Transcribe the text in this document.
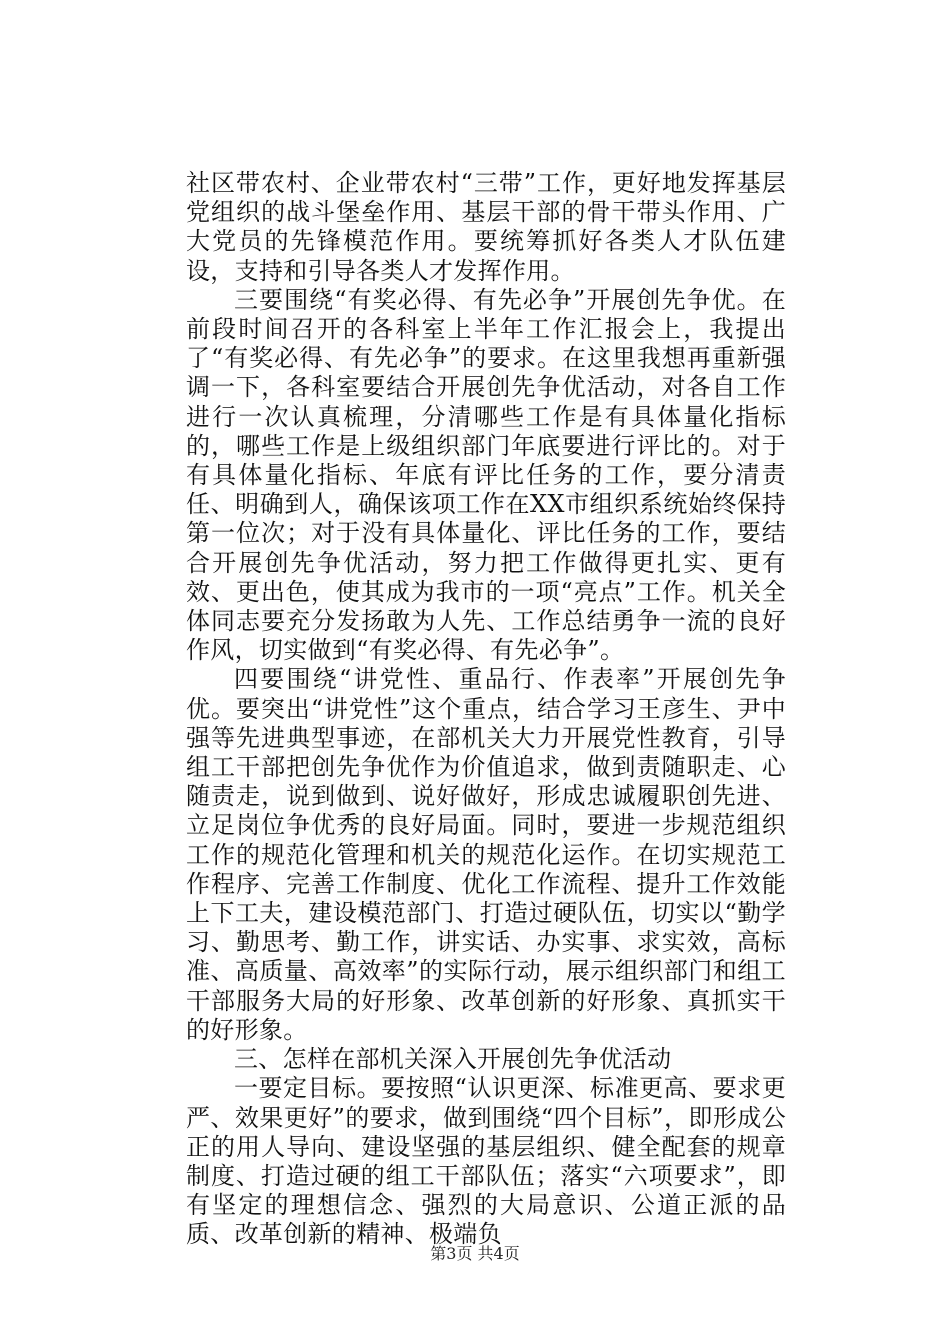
社区带农村、企业带农村“三带”工作，更好地发挥基层党组织的战斗堡垒作用、基层干部的骨干带头作用、广大党员的先锋模范作用。要统筹抓好各类人才队伍建设，支持和引导各类人才发挥作用。

三要围绕“有奖必得、有先必争”开展创先争优。在前段时间召开的各科室上半年工作汇报会上，我提出了“有奖必得、有先必争”的要求。在这里我想再重新强调一下，各科室要结合开展创先争优活动，对各自工作进行一次认真梳理，分清哪些工作是有具体量化指标的，哪些工作是上级组织部门年底要进行评比的。对于有具体量化指标、年底有评比任务的工作，要分清责任、明确到人，确保该项工作在XX市组织系统始终保持第一位次；对于没有具体量化、评比任务的工作，要结合开展创先争优活动，努力把工作做得更扎实、更有效、更出色，使其成为我市的一项“亮点”工作。机关全体同志要充分发扬敢为人先、工作总结勇争一流的良好作风，切实做到“有奖必得、有先必争”。

四要围绕“讲党性、重品行、作表率”开展创先争优。要突出“讲党性”这个重点，结合学习王彦生、尹中强等先进典型事迹，在部机关大力开展党性教育，引导组工干部把创先争优作为价值追求，做到责随职走、心随责走，说到做到、说好做好，形成忠诚履职创先进、立足岗位争优秀的良好局面。同时，要进一步规范组织工作的规范化管理和机关的规范化运作。在切实规范工作程序、完善工作制度、优化工作流程、提升工作效能上下工夫，建设模范部门、打造过硬队伍，切实以“勤学习、勤思考、勤工作，讲实话、办实事、求实效，高标准、高质量、高效率”的实际行动，展示组织部门和组工干部服务大局的好形象、改革创新的好形象、真抓实干的好形象。

三、怎样在部机关深入开展创先争优活动

一要定目标。要按照“认识更深、标准更高、要求更严、效果更好”的要求，做到围绕“四个目标”，即形成公正的用人导向、建设坚强的基层组织、健全配套的规章制度、打造过硬的组工干部队伍；落实“六项要求”，即有坚定的理想信念、强烈的大局意识、公道正派的品质、改革创新的精神、极端负

第3页 共4页
